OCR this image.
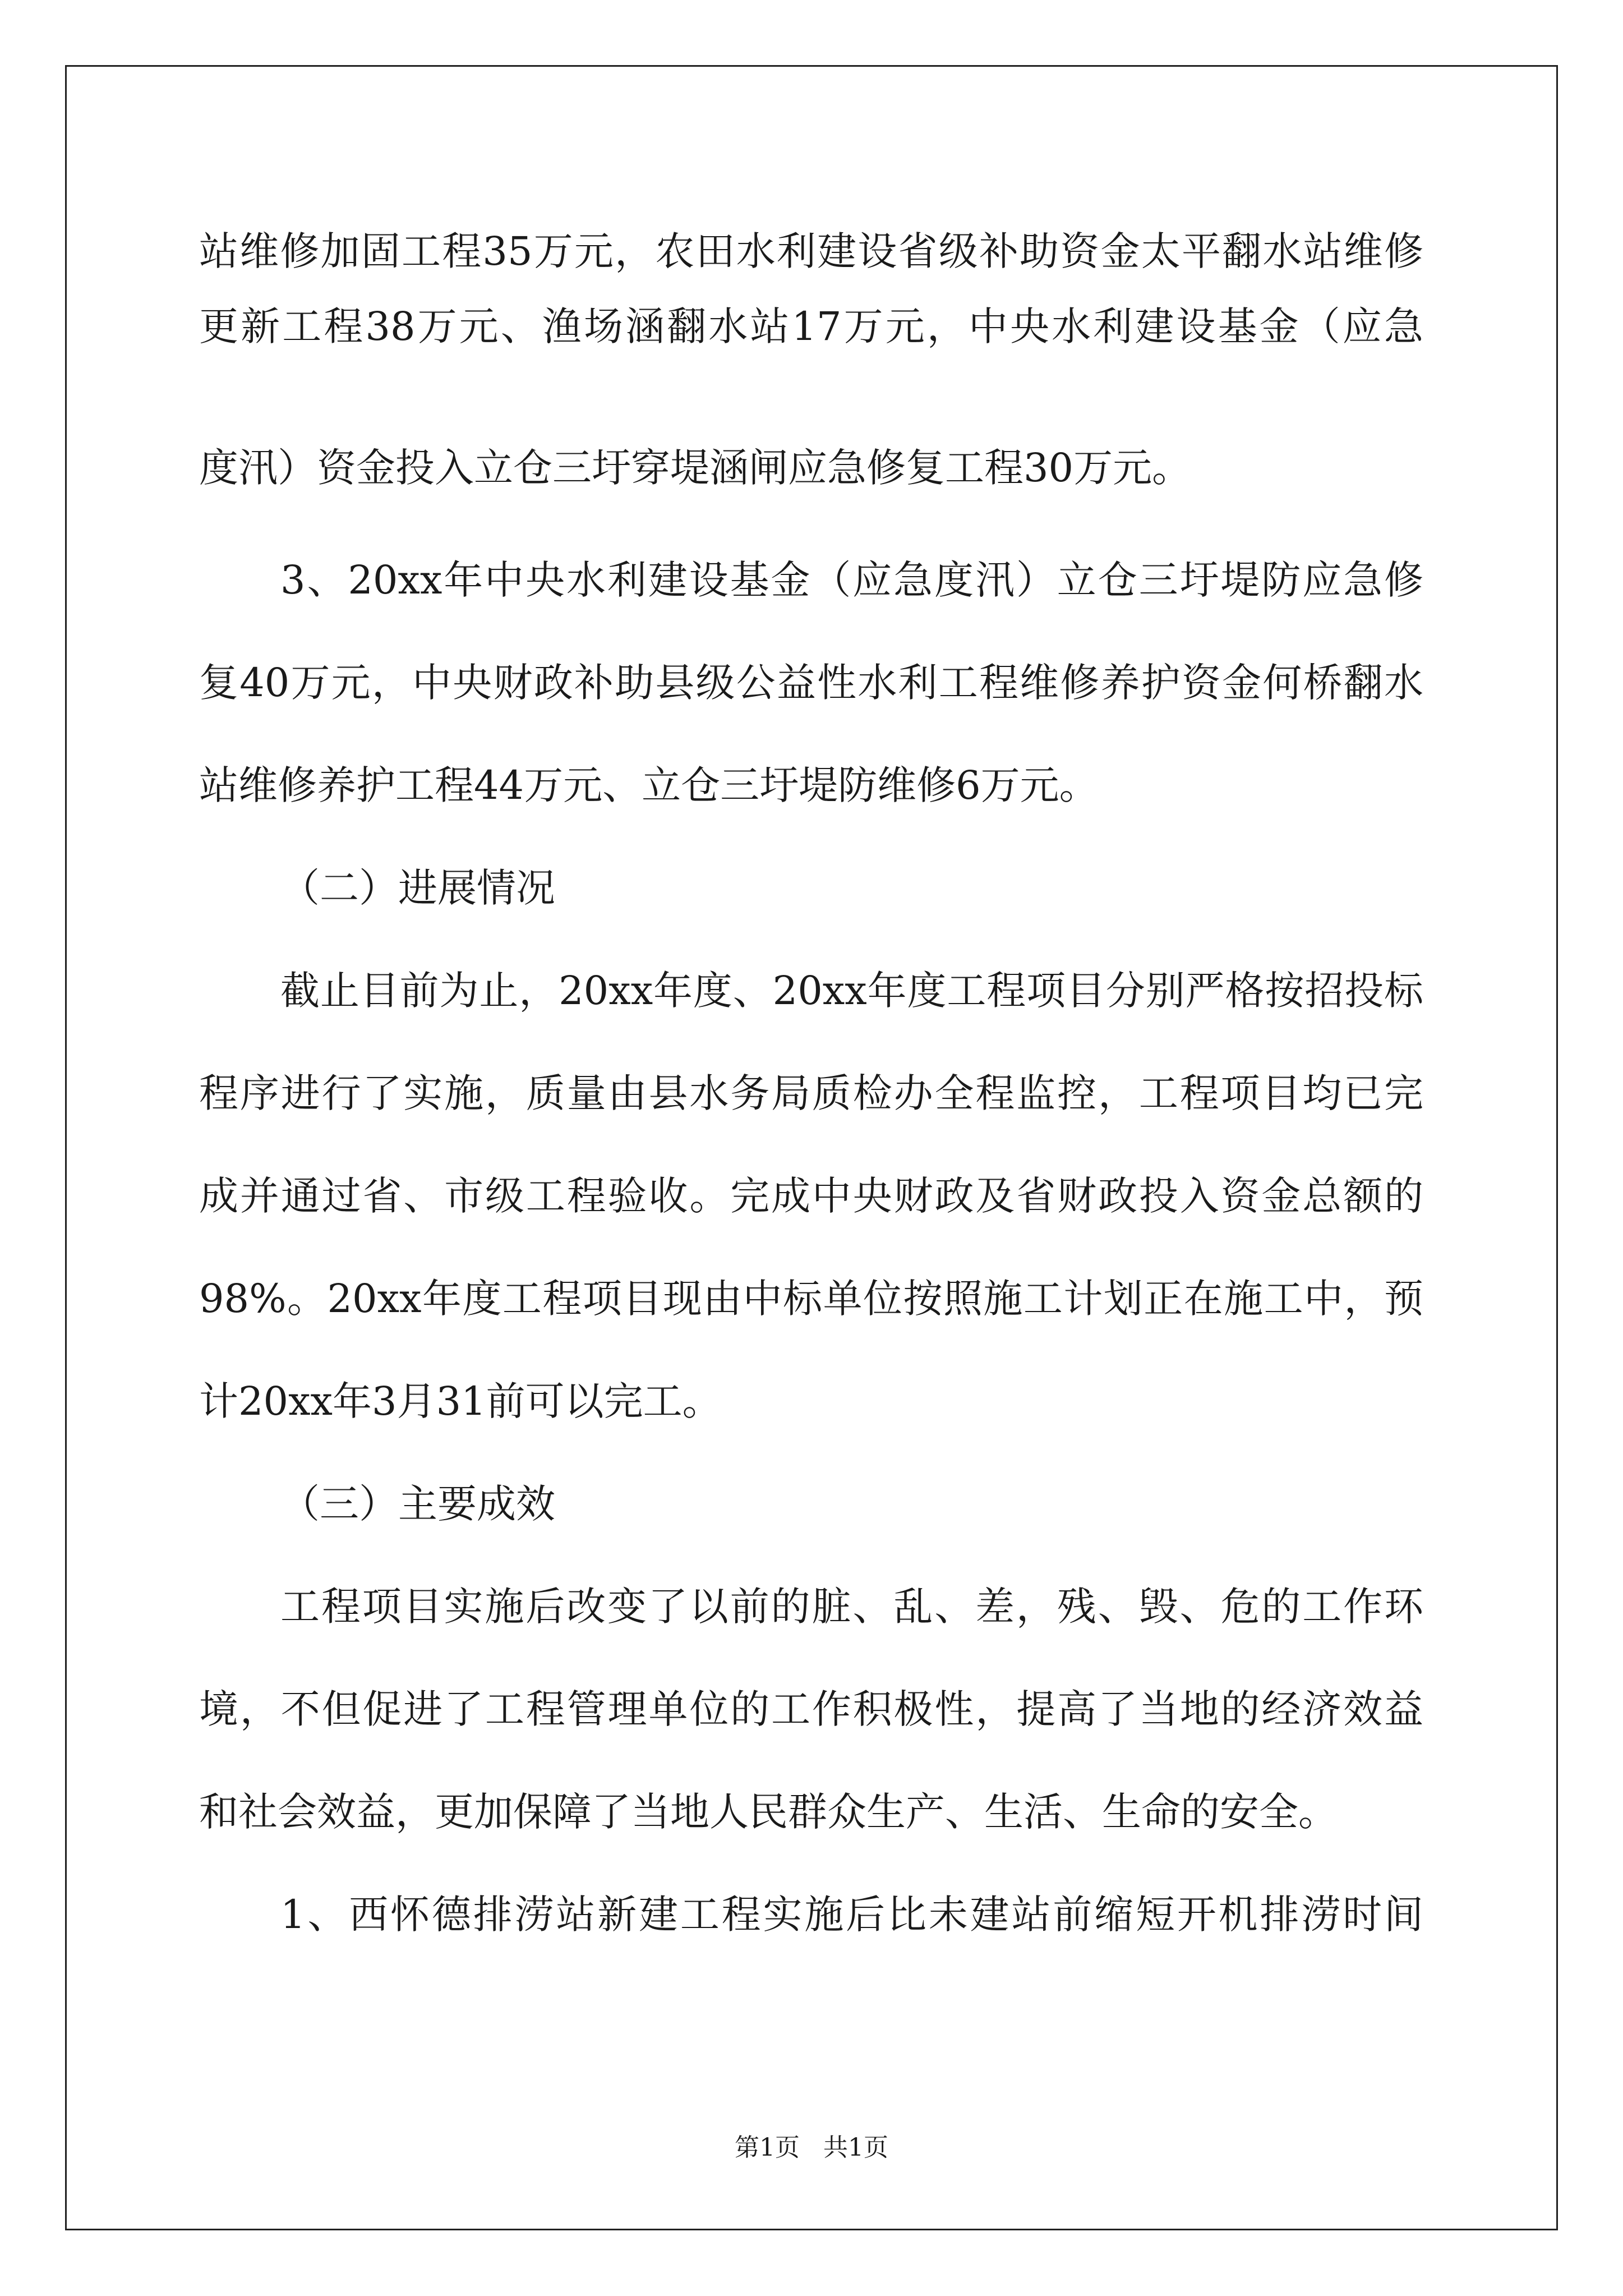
站维修加固工程35万元，农田水利建设省级补助资金太平翻水站维修
更新工程38万元、渔场涵翻水站17万元，中央水利建设基金（应急
度汛）资金投入立仓三圩穿堤涵闸应急修复工程30万元。
3、20xx年中央水利建设基金（应急度汛）立仓三圩堤防应急修
复40万元，中央财政补助县级公益性水利工程维修养护资金何桥翻水
站维修养护工程44万元、立仓三圩堤防维修6万元。
（二）进展情况
截止目前为止，20xx年度、20xx年度工程项目分别严格按招投标
程序进行了实施，质量由县水务局质检办全程监控，工程项目均已完
成并通过省、市级工程验收。完成中央财政及省财政投入资金总额的
98%。20xx年度工程项目现由中标单位按照施工计划正在施工中，预
计20xx年3月31前可以完工。
（三）主要成效
工程项目实施后改变了以前的脏、乱、差，残、毁、危的工作环
境，不但促进了工程管理单位的工作积极性，提高了当地的经济效益
和社会效益，更加保障了当地人民群众生产、生活、生命的安全。
1、西怀德排涝站新建工程实施后比未建站前缩短开机排涝时间
第1页   共1页
